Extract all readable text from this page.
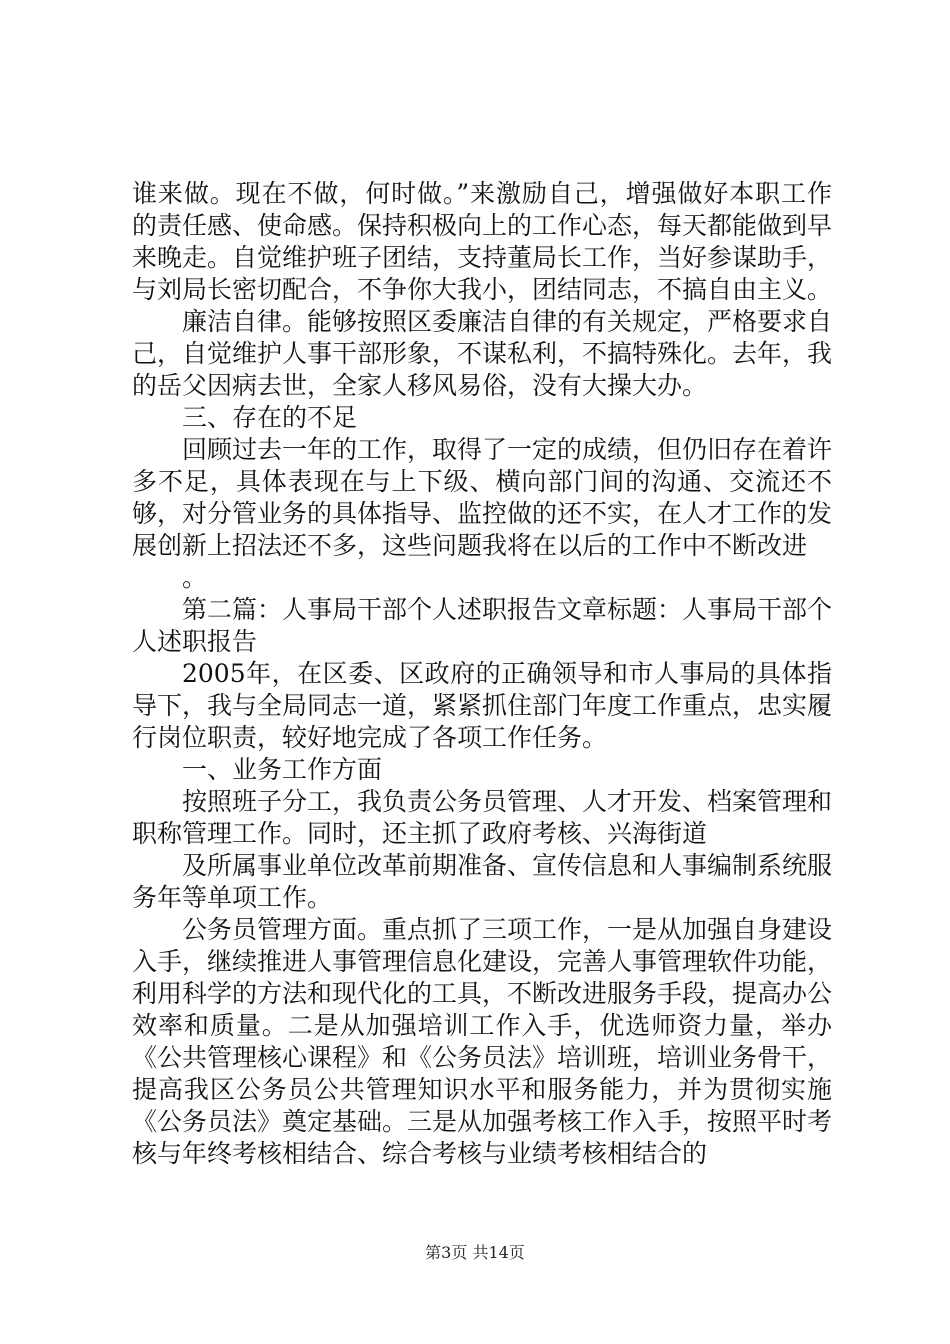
谁来做。现在不做，何时做。”来激励自己，增强做好本职工作的责任感、使命感。保持积极向上的工作心态，每天都能做到早来晚走。自觉维护班子团结，支持董局长工作，当好参谋助手，与刘局长密切配合，不争你大我小，团结同志，不搞自由主义。

廉洁自律。能够按照区委廉洁自律的有关规定，严格要求自己，自觉维护人事干部形象，不谋私利，不搞特殊化。去年，我的岳父因病去世，全家人移风易俗，没有大操大办。

三、存在的不足

回顾过去一年的工作，取得了一定的成绩，但仍旧存在着许多不足，具体表现在与上下级、横向部门间的沟通、交流还不够，对分管业务的具体指导、监控做的还不实，在人才工作的发展创新上招法还不多，这些问题我将在以后的工作中不断改进

。

第二篇：人事局干部个人述职报告文章标题：人事局干部个人述职报告

2005年，在区委、区政府的正确领导和市人事局的具体指导下，我与全局同志一道，紧紧抓住部门年度工作重点，忠实履行岗位职责，较好地完成了各项工作任务。

一、业务工作方面

按照班子分工，我负责公务员管理、人才开发、档案管理和职称管理工作。同时，还主抓了政府考核、兴海街道

及所属事业单位改革前期准备、宣传信息和人事编制系统服务年等单项工作。

公务员管理方面。重点抓了三项工作，一是从加强自身建设入手，继续推进人事管理信息化建设，完善人事管理软件功能，利用科学的方法和现代化的工具，不断改进服务手段，提高办公效率和质量。二是从加强培训工作入手，优选师资力量，举办《公共管理核心课程》和《公务员法》培训班，培训业务骨干，提高我区公务员公共管理知识水平和服务能力，并为贯彻实施《公务员法》奠定基础。三是从加强考核工作入手，按照平时考核与年终考核相结合、综合考核与业绩考核相结合的

第3页 共14页
